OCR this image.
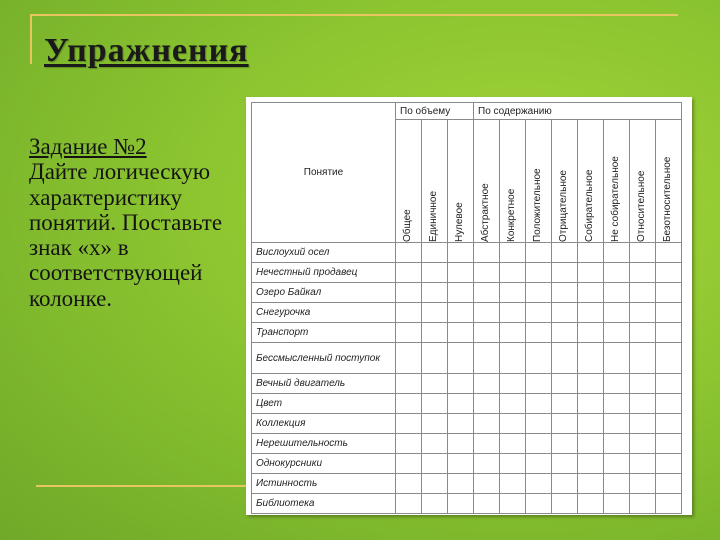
Упражнения
Задание №2
Дайте логическую характеристику понятий. Поставьте знак «х» в соответствующей колонке.
Понятие	По объему			По содержанию							

	Общее	Единичное	Нулевое	Абстрактное	Конкретное	Положительное	Отрицательное	Собирательное	Не собирательное	Относительное	Безотносительное

Вислоухий осел											
Нечестный продавец											
Озеро Байкал											
Снегурочка											
Транспорт											
Бессмысленный поступок											
Вечный двигатель											
Цвет											
Коллекция											
Нерешительность											
Однокурсники											
Истинность											
Библиотека											
